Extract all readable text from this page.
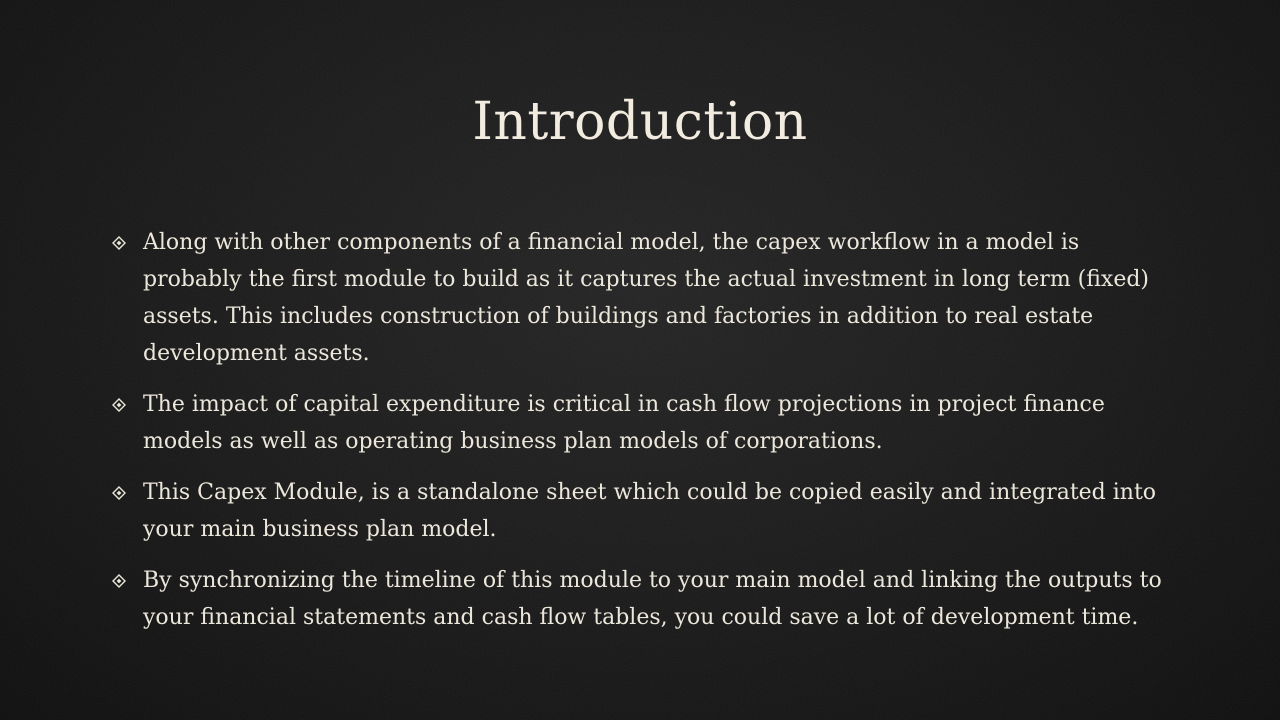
Introduction
Along with other components of a financial model, the capex workflow in a model is probably the first module to build as it captures the actual investment in long term (fixed) assets. This includes construction of buildings and factories in addition to real estate development assets.
The impact of capital expenditure is critical in cash flow projections in project finance models as well as operating business plan models of corporations.
This Capex Module, is a standalone sheet which could be copied easily and integrated into your main business plan model.
By synchronizing the timeline of this module to your main model and linking the outputs to your financial statements and cash flow tables, you could save a lot of development time.
